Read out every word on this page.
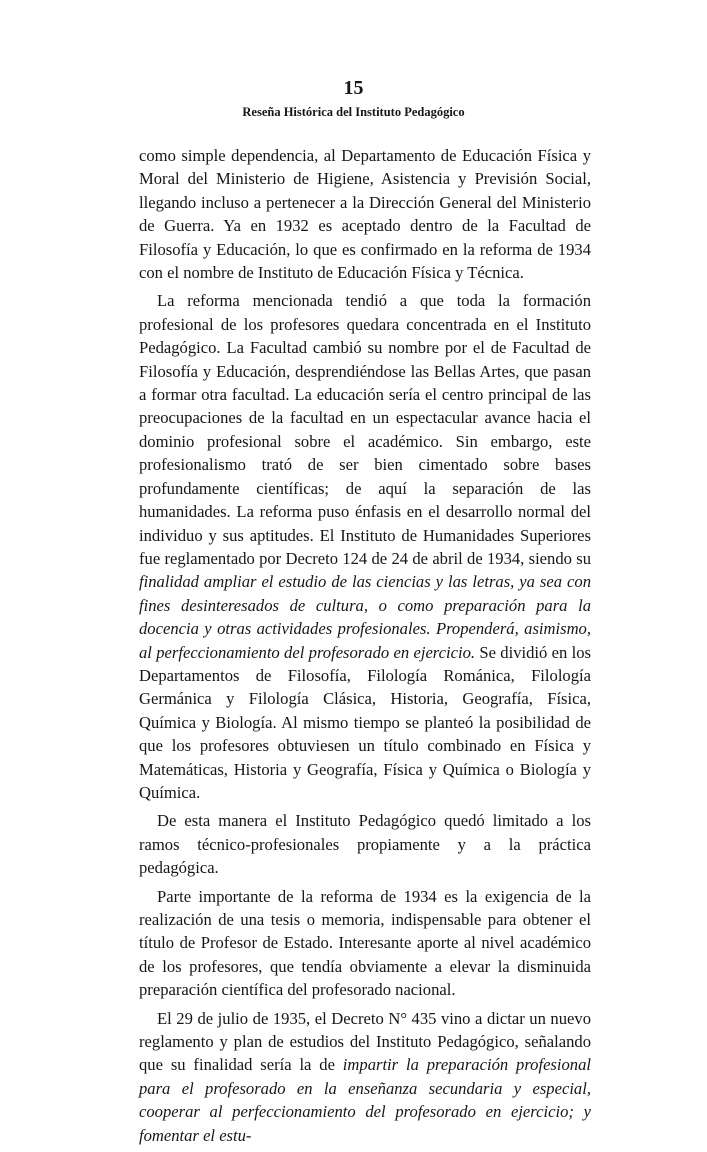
15
Reseña Histórica del Instituto Pedagógico

como simple dependencia, al Departamento de Educación Física y Moral del Ministerio de Higiene, Asistencia y Previsión Social, llegando incluso a pertenecer a la Dirección General del Ministerio de Guerra. Ya en 1932 es aceptado dentro de la Facultad de Filosofía y Educación, lo que es confirmado en la reforma de 1934 con el nombre de Instituto de Educación Física y Técnica.

La reforma mencionada tendió a que toda la formación profesional de los profesores quedara concentrada en el Instituto Pedagógico. La Facultad cambió su nombre por el de Facultad de Filosofía y Educación, desprendiéndose las Bellas Artes, que pasan a formar otra facultad. La educación sería el centro principal de las preocupaciones de la facultad en un espectacular avance hacia el dominio profesional sobre el académico. Sin embargo, este profesionalismo trató de ser bien cimentado sobre bases profundamente científicas; de aquí la separación de las humanidades. La reforma puso énfasis en el desarrollo normal del individuo y sus aptitudes. El Instituto de Humanidades Superiores fue reglamentado por Decreto 124 de 24 de abril de 1934, siendo su finalidad ampliar el estudio de las ciencias y las letras, ya sea con fines desinteresados de cultura, o como preparación para la docencia y otras actividades profesionales. Propenderá, asimismo, al perfeccionamiento del profesorado en ejercicio. Se dividió en los Departamentos de Filosofía, Filología Románica, Filología Germánica y Filología Clásica, Historia, Geografía, Física, Química y Biología. Al mismo tiempo se planteó la posibilidad de que los profesores obtuviesen un título combinado en Física y Matemáticas, Historia y Geografía, Física y Química o Biología y Química.

De esta manera el Instituto Pedagógico quedó limitado a los ramos técnico-profesionales propiamente y a la práctica pedagógica.

Parte importante de la reforma de 1934 es la exigencia de la realización de una tesis o memoria, indispensable para obtener el título de Profesor de Estado. Interesante aporte al nivel académico de los profesores, que tendía obviamente a elevar la disminuida preparación científica del profesorado nacional.

El 29 de julio de 1935, el Decreto N° 435 vino a dictar un nuevo reglamento y plan de estudios del Instituto Pedagógico, señalando que su finalidad sería la de impartir la preparación profesional para el profesorado en la enseñanza secundaria y especial, cooperar al perfeccionamiento del profesorado en ejercicio; y fomentar el estu-
